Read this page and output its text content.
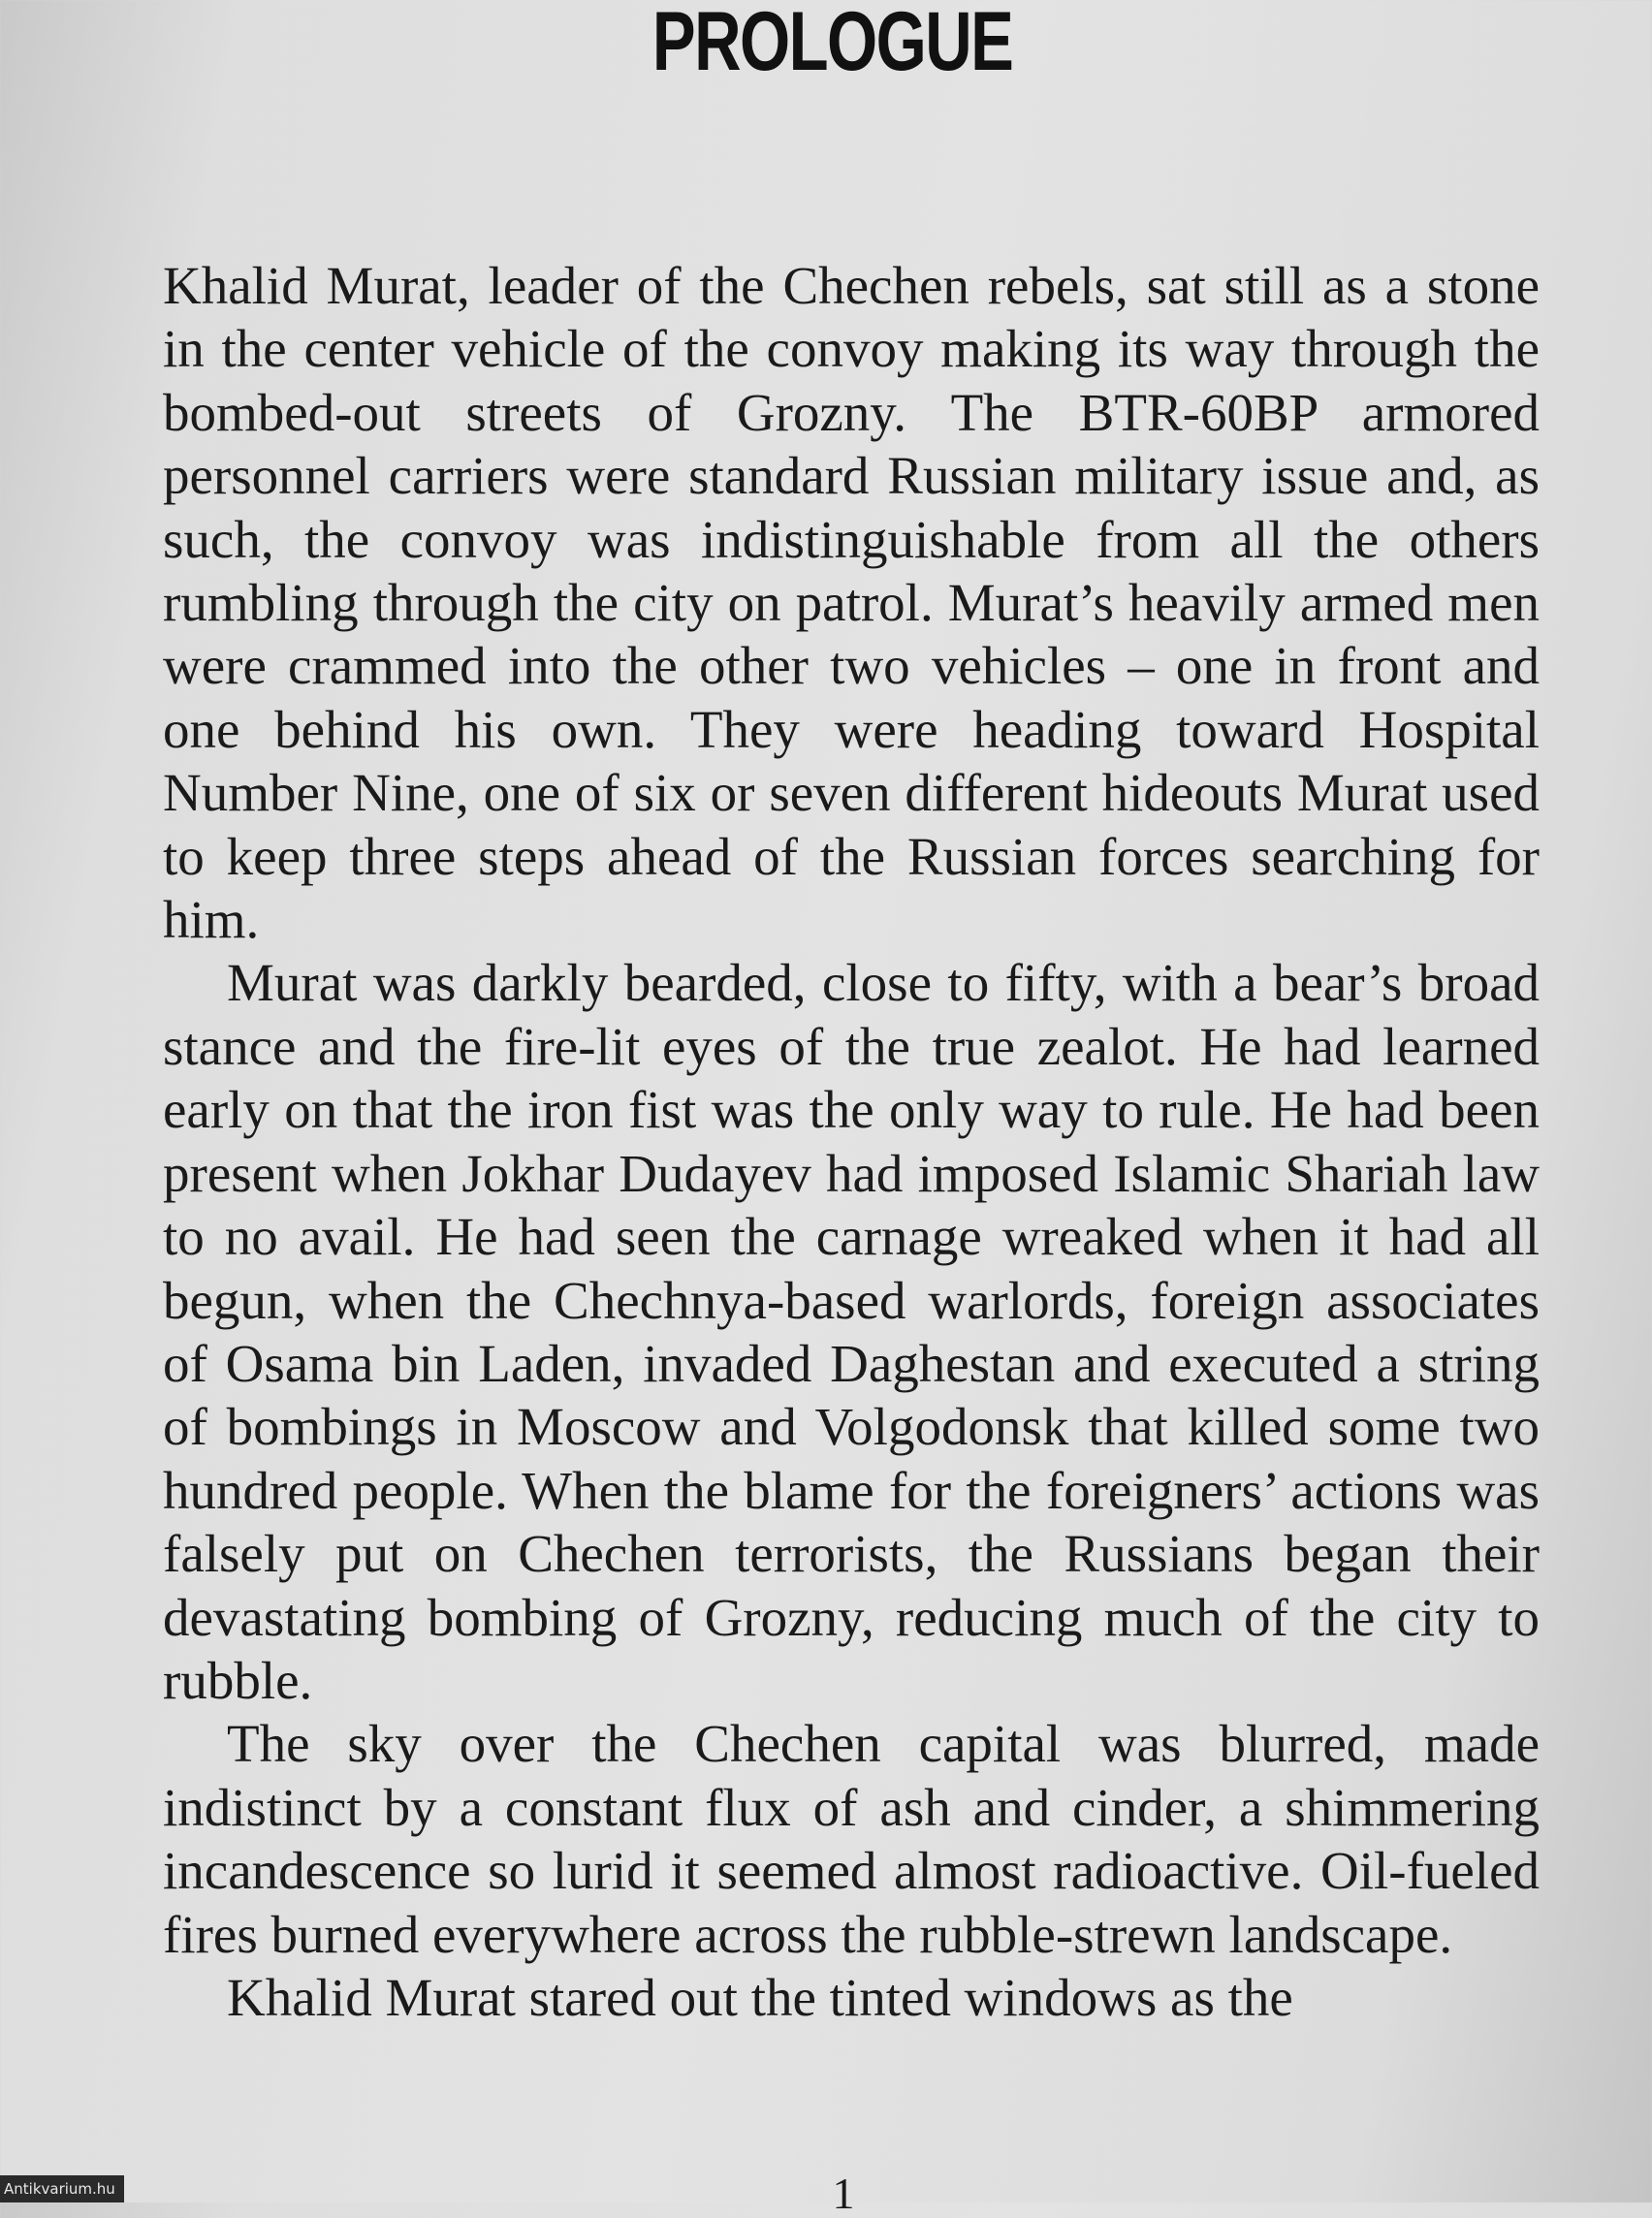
PROLOGUE

Khalid Murat, leader of the Chechen rebels, sat still as a stone in the center vehicle of the convoy making its way through the bombed-out streets of Grozny. The BTR-60BP armored personnel carriers were standard Russian military issue and, as such, the convoy was indistinguishable from all the others rumbling through the city on patrol. Murat’s heavily armed men were crammed into the other two vehicles – one in front and one behind his own. They were heading toward Hospital Number Nine, one of six or seven different hideouts Murat used to keep three steps ahead of the Russian forces searching for him.

Murat was darkly bearded, close to fifty, with a bear’s broad stance and the fire-lit eyes of the true zealot. He had learned early on that the iron fist was the only way to rule. He had been present when Jokhar Dudayev had imposed Islamic Shariah law to no avail. He had seen the carnage wreaked when it had all begun, when the Chechnya-based warlords, foreign associates of Osama bin Laden, invaded Daghestan and executed a string of bombings in Moscow and Volgodonsk that killed some two hundred people. When the blame for the foreigners’ actions was falsely put on Chechen terrorists, the Russians began their devastating bombing of Grozny, reducing much of the city to rubble.

The sky over the Chechen capital was blurred, made indistinct by a constant flux of ash and cinder, a shimmering incandescence so lurid it seemed almost radioactive. Oil-fueled fires burned everywhere across the rubble-strewn landscape.

Khalid Murat stared out the tinted windows as the

1
Antikvarium.hu
